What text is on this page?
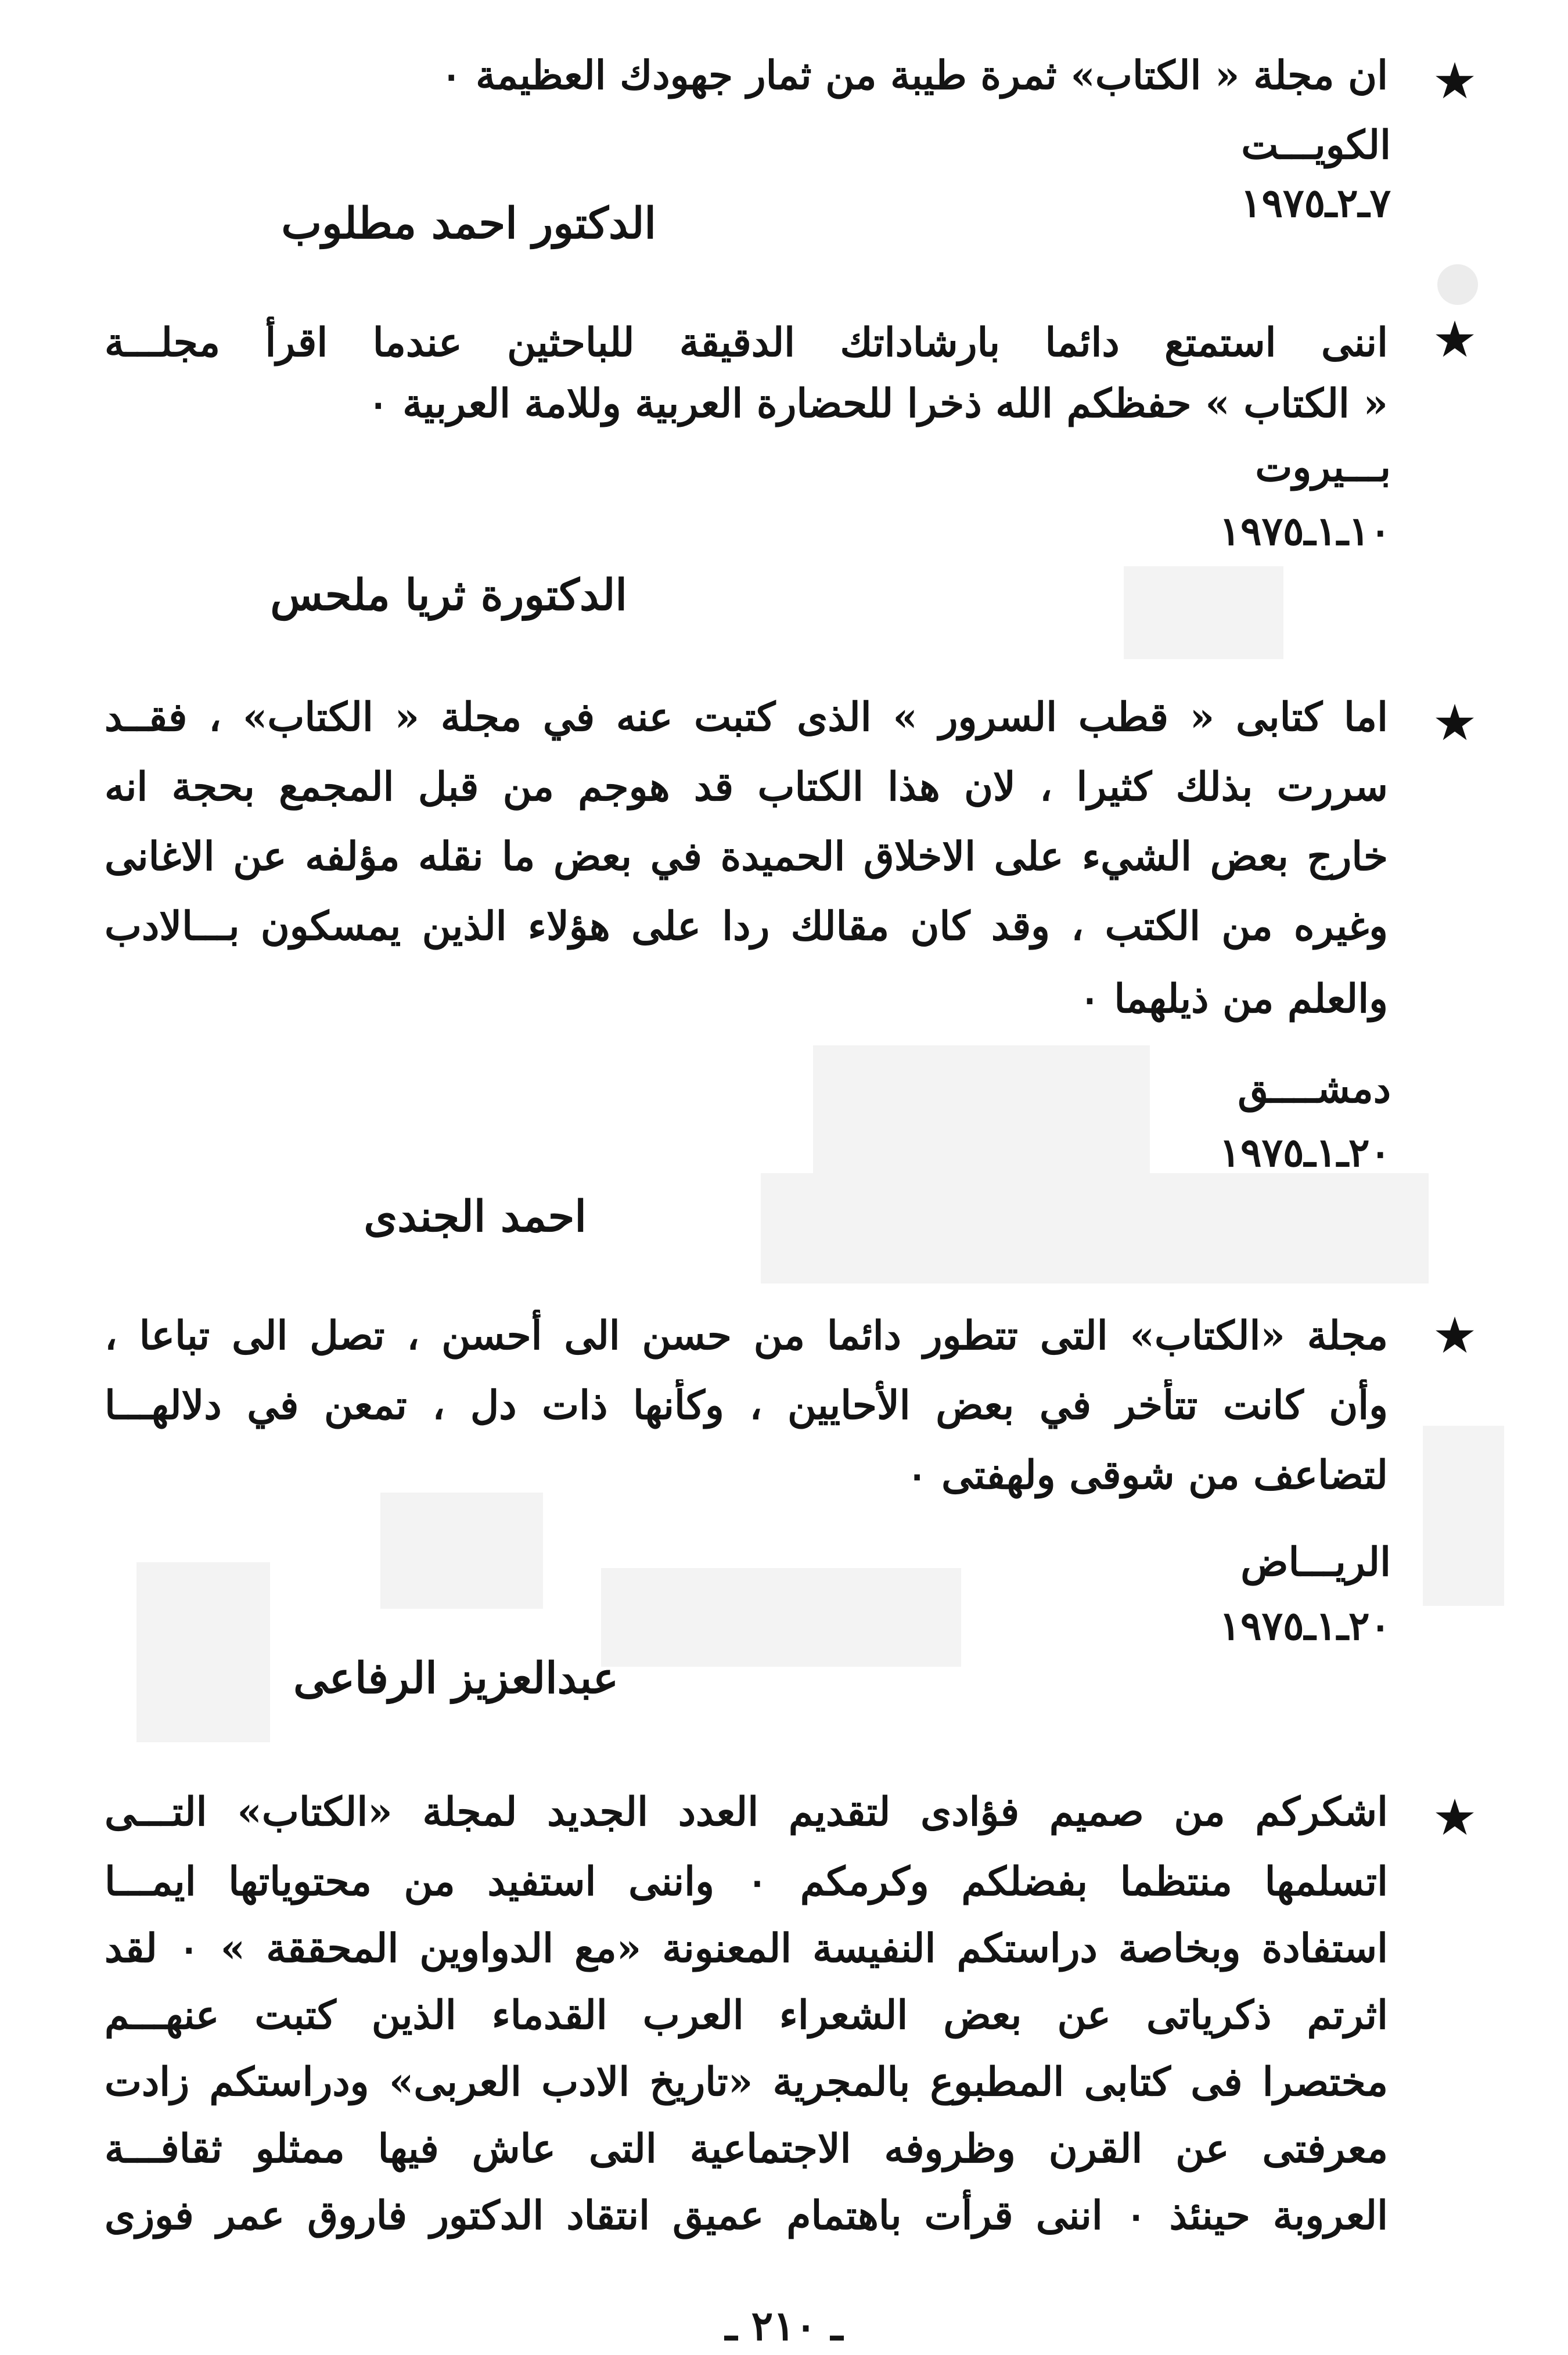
★
ان مجلة « الكتاب» ثمرة طيبة من ثمار جهودك العظيمة ٠
الكويـــت
٧ـ٢ـ١٩٧٥
الدكتور احمد مطلوب
★
اننى استمتع دائما بارشاداتك الدقيقة للباحثين عندما اقرأ مجلـــة
« الكتاب » حفظكم الله ذخرا للحضارة العربية وللامة العربية ٠
بـــيروت
١٠ـ١ـ١٩٧٥
الدكتورة ثريا ملحس
★
اما كتابى « قطب السرور » الذى كتبت عنه في مجلة « الكتاب» ، فقــد
سررت بذلك كثيرا ، لان هذا الكتاب قد هوجم من قبل المجمع بحجة انه
خارج بعض الشيء على الاخلاق الحميدة في بعض ما نقله مؤلفه عن الاغانى
وغيره من الكتب ، وقد كان مقالك ردا على هؤلاء الذين يمسكون بـــالادب
والعلم من ذيلهما ٠
دمشــــق
٢٠ـ١ـ١٩٧٥
احمد الجندى
★
مجلة «الكتاب» التى تتطور دائما من حسن الى أحسن ، تصل الى تباعا ،
وأن كانت تتأخر في بعض الأحايين ، وكأنها ذات دل ، تمعن في دلالهـــا
لتضاعف من شوقى ولهفتى ٠
الريـــاض
٢٠ـ١ـ١٩٧٥
عبدالعزيز الرفاعى
★
اشكركم من صميم فؤادى لتقديم العدد الجديد لمجلة «الكتاب» التـــى
اتسلمها منتظما بفضلكم وكرمكم ٠ واننى استفيد من محتوياتها ايمـــا
استفادة وبخاصة دراستكم النفيسة المعنونة «مع الدواوين المحققة » ٠ لقد
اثرتم ذكرياتى عن بعض الشعراء العرب القدماء الذين كتبت عنهـــم
مختصرا فى كتابى المطبوع بالمجرية «تاريخ الادب العربى» ودراستكم زادت
معرفتى عن القرن وظروفه الاجتماعية التى عاش فيها ممثلو ثقافـــة
العروبة حينئذ ٠ اننى قرأت باهتمام عميق انتقاد الدكتور فاروق عمر فوزى
ـ ٢١٠ ـ
